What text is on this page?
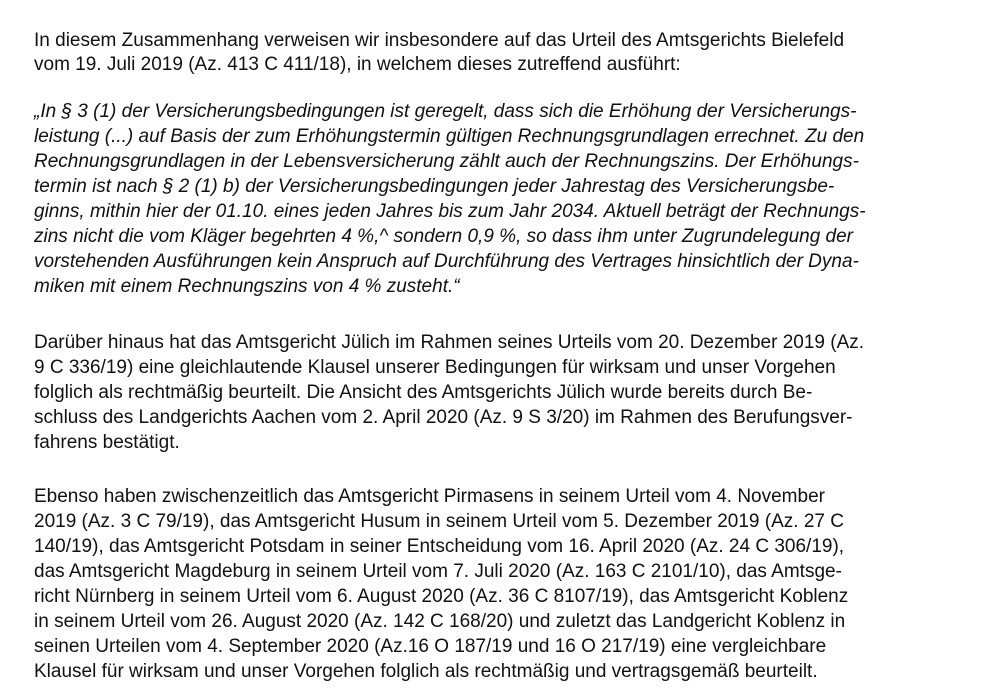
In diesem Zusammenhang verweisen wir insbesondere auf das Urteil des Amtsgerichts Bielefeld
vom 19. Juli 2019 (Az. 413 C 411/18), in welchem dieses zutreffend ausführt:
„In § 3 (1) der Versicherungsbedingungen ist geregelt, dass sich die Erhöhung der Versicherungs-
leistung (...) auf Basis der zum Erhöhungstermin gültigen Rechnungsgrundlagen errechnet. Zu den
Rechnungsgrundlagen in der Lebensversicherung zählt auch der Rechnungszins. Der Erhöhungs-
termin ist nach § 2 (1) b) der Versicherungsbedingungen jeder Jahrestag des Versicherungsbe-
ginns, mithin hier der 01.10. eines jeden Jahres bis zum Jahr 2034. Aktuell beträgt der Rechnungs-
zins nicht die vom Kläger begehrten 4 %,^ sondern 0,9 %, so dass ihm unter Zugrundelegung der
vorstehenden Ausführungen kein Anspruch auf Durchführung des Vertrages hinsichtlich der Dyna-
miken mit einem Rechnungszins von 4 % zusteht.“
Darüber hinaus hat das Amtsgericht Jülich im Rahmen seines Urteils vom 20. Dezember 2019 (Az.
9 C 336/19) eine gleichlautende Klausel unserer Bedingungen für wirksam und unser Vorgehen
folglich als rechtmäßig beurteilt. Die Ansicht des Amtsgerichts Jülich wurde bereits durch Be-
schluss des Landgerichts Aachen vom 2. April 2020 (Az. 9 S 3/20) im Rahmen des Berufungsver-
fahrens bestätigt.
Ebenso haben zwischenzeitlich das Amtsgericht Pirmasens in seinem Urteil vom 4. November
2019 (Az. 3 C 79/19), das Amtsgericht Husum in seinem Urteil vom 5. Dezember 2019 (Az. 27 C
140/19), das Amtsgericht Potsdam in seiner Entscheidung vom 16. April 2020 (Az. 24 C 306/19),
das Amtsgericht Magdeburg in seinem Urteil vom 7. Juli 2020 (Az. 163 C 2101/10), das Amtsge-
richt Nürnberg in seinem Urteil vom 6. August 2020 (Az. 36 C 8107/19), das Amtsgericht Koblenz
in seinem Urteil vom 26. August 2020 (Az. 142 C 168/20) und zuletzt das Landgericht Koblenz in
seinen Urteilen vom 4. September 2020 (Az.16 O 187/19 und 16 O 217/19) eine vergleichbare
Klausel für wirksam und unser Vorgehen folglich als rechtmäßig und vertragsgemäß beurteilt.
